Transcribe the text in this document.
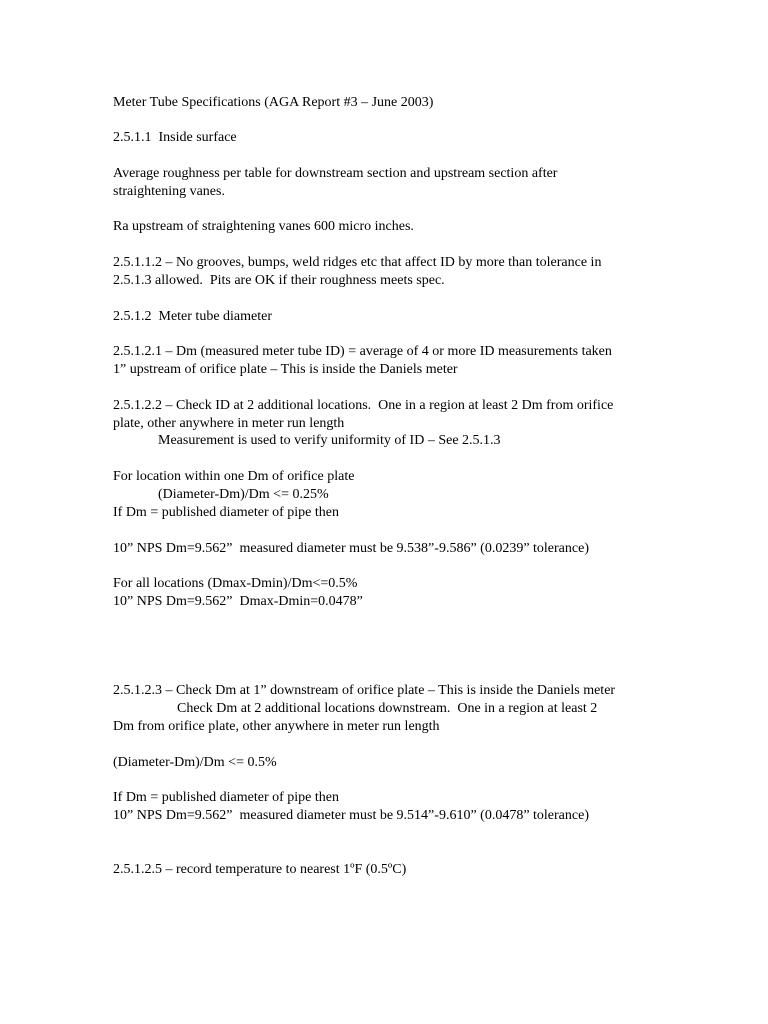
Meter Tube Specifications (AGA Report #3 – June 2003)
2.5.1.1  Inside surface
Average roughness per table for downstream section and upstream section after
straightening vanes.
Ra upstream of straightening vanes 600 micro inches.
2.5.1.1.2 – No grooves, bumps, weld ridges etc that affect ID by more than tolerance in
2.5.1.3 allowed.  Pits are OK if their roughness meets spec.
2.5.1.2  Meter tube diameter
2.5.1.2.1 – Dm (measured meter tube ID) = average of 4 or more ID measurements taken
1” upstream of orifice plate – This is inside the Daniels meter
2.5.1.2.2 – Check ID at 2 additional locations.  One in a region at least 2 Dm from orifice
plate, other anywhere in meter run length
Measurement is used to verify uniformity of ID – See 2.5.1.3
For location within one Dm of orifice plate
(Diameter-Dm)/Dm <= 0.25%
If Dm = published diameter of pipe then
10” NPS Dm=9.562”  measured diameter must be 9.538”-9.586” (0.0239” tolerance)
For all locations (Dmax-Dmin)/Dm<=0.5%
10” NPS Dm=9.562”  Dmax-Dmin=0.0478”
2.5.1.2.3 – Check Dm at 1” downstream of orifice plate – This is inside the Daniels meter
Check Dm at 2 additional locations downstream.  One in a region at least 2
Dm from orifice plate, other anywhere in meter run length
(Diameter-Dm)/Dm <= 0.5%
If Dm = published diameter of pipe then
10” NPS Dm=9.562”  measured diameter must be 9.514”-9.610” (0.0478” tolerance)
2.5.1.2.5 – record temperature to nearest 1ºF (0.5ºC)
